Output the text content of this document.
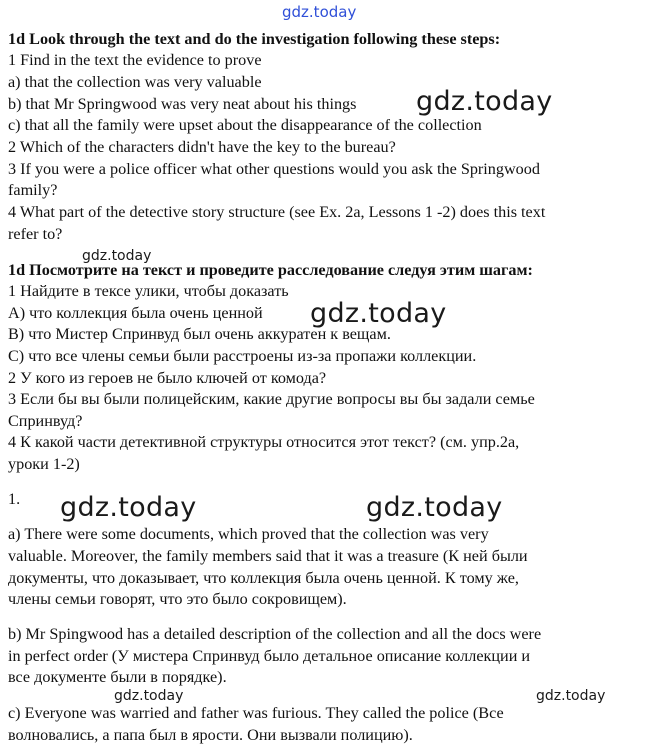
gdz.today
gdz.today
gdz.today
gdz.today
gdz.today	gdz.today
gdz.today	gdz.today
1d Look through the text and do the investigation following these steps:
1 Find in the text the evidence to prove
a) that the collection was very valuable
b) that Mr Springwood was very neat about his things
c) that all the family were upset about the disappearance of the collection
2 Which of the characters didn't have the key to the bureau?
3 If you were a police officer what other questions would you ask the Springwood
family?
4 What part of the detective story structure (see Ex. 2a, Lessons 1 -2) does this text
refer to?
1d Посмотрите на текст и проведите расследование следуя этим шагам:
1 Найдите в тексе улики, чтобы доказать
А) что коллекция была очень ценной
В) что Мистер Спринвуд был очень аккуратен к вещам.
С) что все члены семьи были расстроены из-за пропажи коллекции.
2 У кого из героев не было ключей от комода?
3 Если бы вы были полицейским, какие другие вопросы вы бы задали семье
Спринвуд?
4 К какой части детективной структуры относится этот текст? (см. упр.2а,
уроки 1-2)
1.
a) There were some documents, which proved that the collection was very
valuable. Moreover, the family members said that it was a treasure (К ней были
документы, что доказывает, что коллекция была очень ценной. К тому же,
члены семьи говорят, что это было сокровищем).
b) Mr Spingwood has a detailed description of the collection and all the docs were
in perfect order (У мистера Спринвуд было детальное описание коллекции и
все документе были в порядке).
c) Everyone was warried and father was furious. They called the police (Все
волновались, а папа был в ярости. Они вызвали полицию).
